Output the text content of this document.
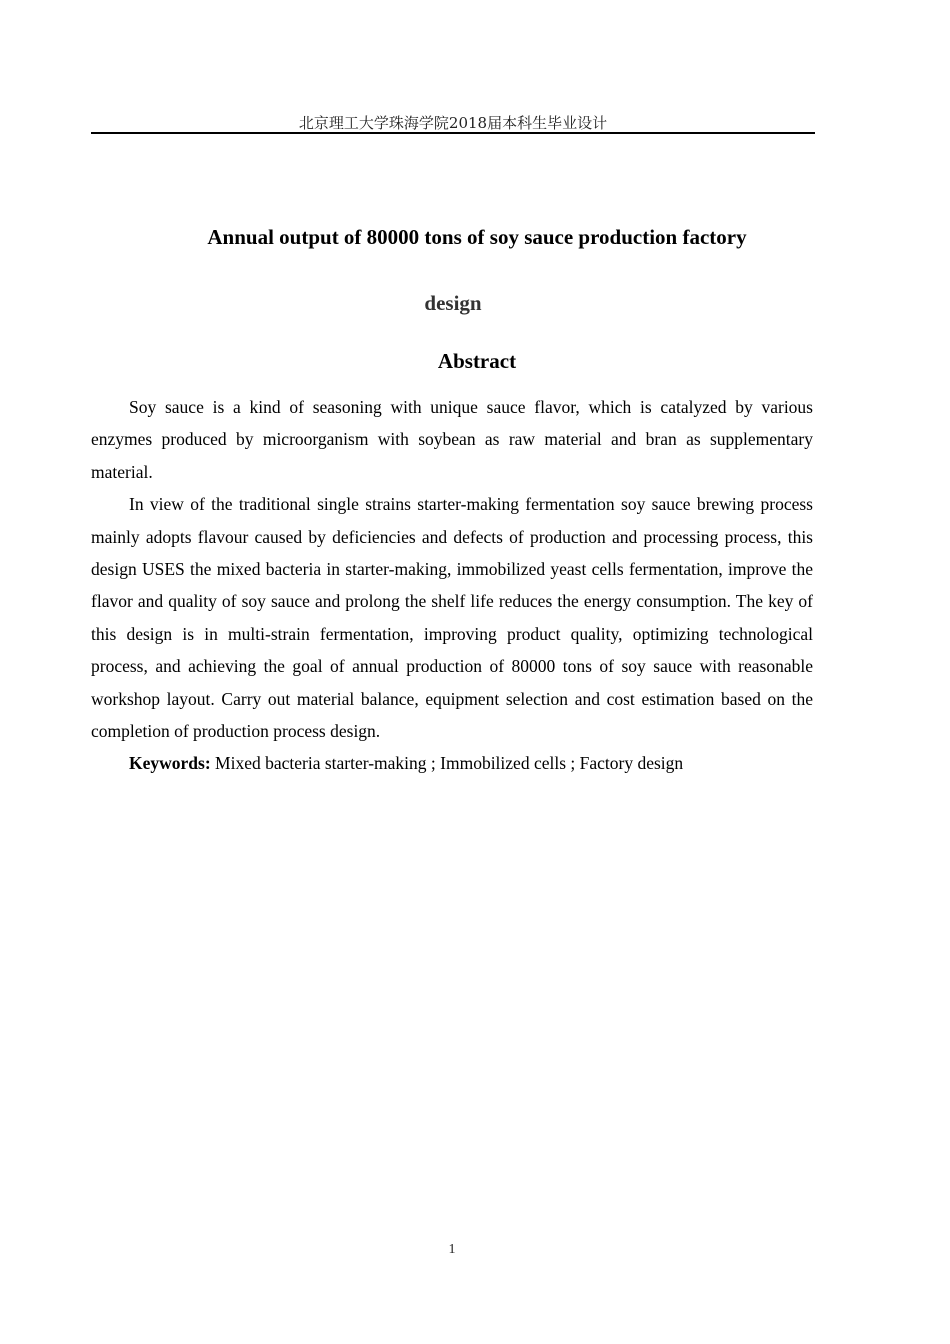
北京理工大学珠海学院2018届本科生毕业设计
Annual output of 80000 tons of soy sauce production factory
design
Abstract

Soy sauce is a kind of seasoning with unique sauce flavor, which is catalyzed by various enzymes produced by microorganism with soybean as raw material and bran as supplementary material.

In view of the traditional single strains starter-making fermentation soy sauce brewing process mainly adopts flavour caused by deficiencies and defects of production and processing process, this design USES the mixed bacteria in starter-making, immobilized yeast cells fermentation, improve the flavor and quality of soy sauce and prolong the shelf life reduces the energy consumption. The key of this design is in multi-strain fermentation, improving product quality, optimizing technological process, and achieving the goal of annual production of 80000 tons of soy sauce with reasonable workshop layout. Carry out material balance, equipment selection and cost estimation based on the completion of production process design.

Keywords: Mixed bacteria starter-making ; Immobilized cells ; Factory design

1
